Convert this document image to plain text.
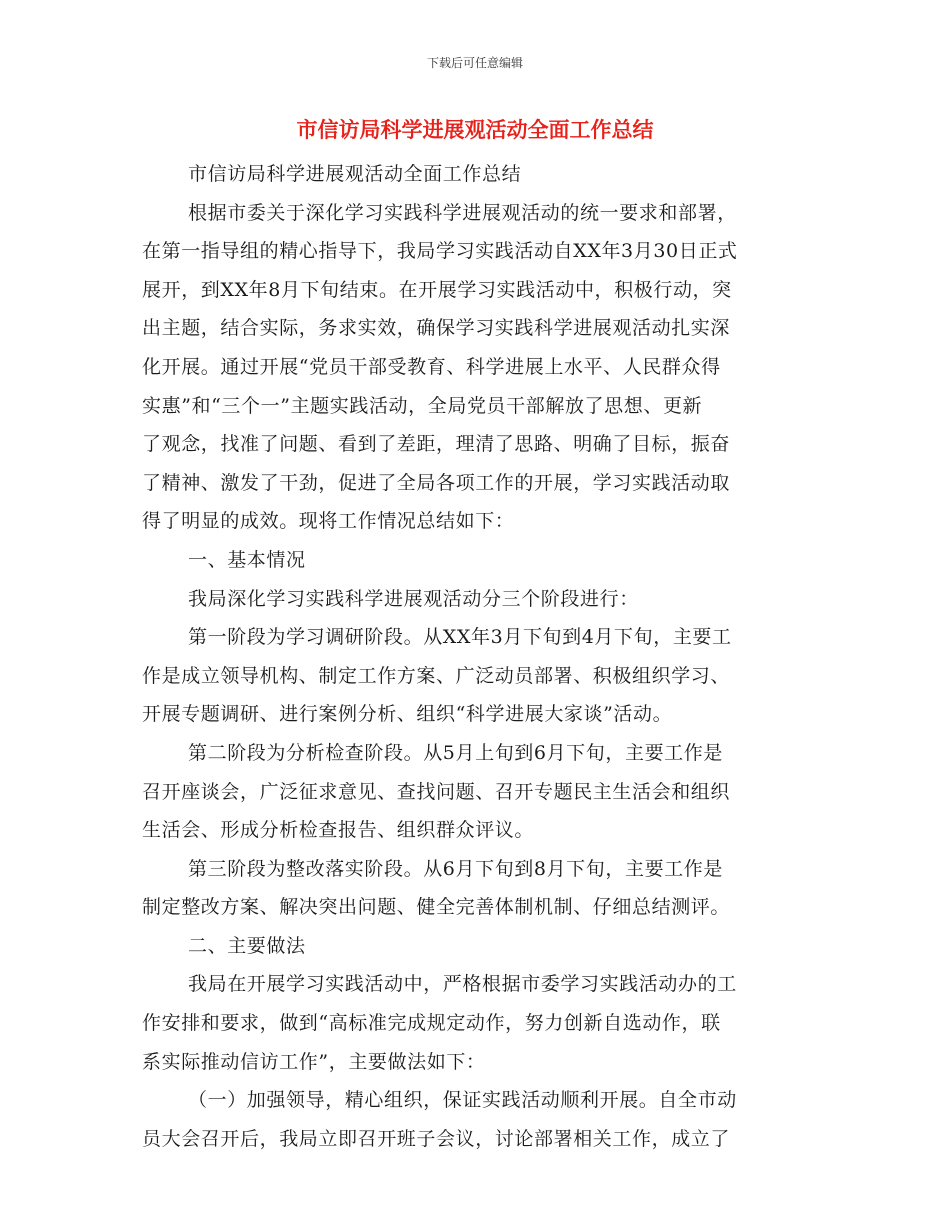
下载后可任意编辑
市信访局科学进展观活动全面工作总结
市信访局科学进展观活动全面工作总结
根据市委关于深化学习实践科学进展观活动的统一要求和部署，
在第一指导组的精心指导下，我局学习实践活动自XX年3月30日正式
展开，到XX年8月下旬结束。在开展学习实践活动中，积极行动，突
出主题，结合实际，务求实效，确保学习实践科学进展观活动扎实深
化开展。通过开展“党员干部受教育、科学进展上水平、人民群众得
实惠”和“三个一”主题实践活动，全局党员干部解放了思想、更新
了观念，找准了问题、看到了差距，理清了思路、明确了目标，振奋
了精神、激发了干劲，促进了全局各项工作的开展，学习实践活动取
得了明显的成效。现将工作情况总结如下：
一、基本情况
我局深化学习实践科学进展观活动分三个阶段进行：
第一阶段为学习调研阶段。从XX年3月下旬到4月下旬，主要工
作是成立领导机构、制定工作方案、广泛动员部署、积极组织学习、
开展专题调研、进行案例分析、组织“科学进展大家谈”活动。
第二阶段为分析检查阶段。从5月上旬到6月下旬，主要工作是
召开座谈会，广泛征求意见、查找问题、召开专题民主生活会和组织
生活会、形成分析检查报告、组织群众评议。
第三阶段为整改落实阶段。从6月下旬到8月下旬，主要工作是
制定整改方案、解决突出问题、健全完善体制机制、仔细总结测评。
二、主要做法
我局在开展学习实践活动中，严格根据市委学习实践活动办的工
作安排和要求，做到“高标准完成规定动作，努力创新自选动作，联
系实际推动信访工作”，主要做法如下：
（一）加强领导，精心组织，保证实践活动顺利开展。自全市动
员大会召开后，我局立即召开班子会议，讨论部署相关工作，成立了
